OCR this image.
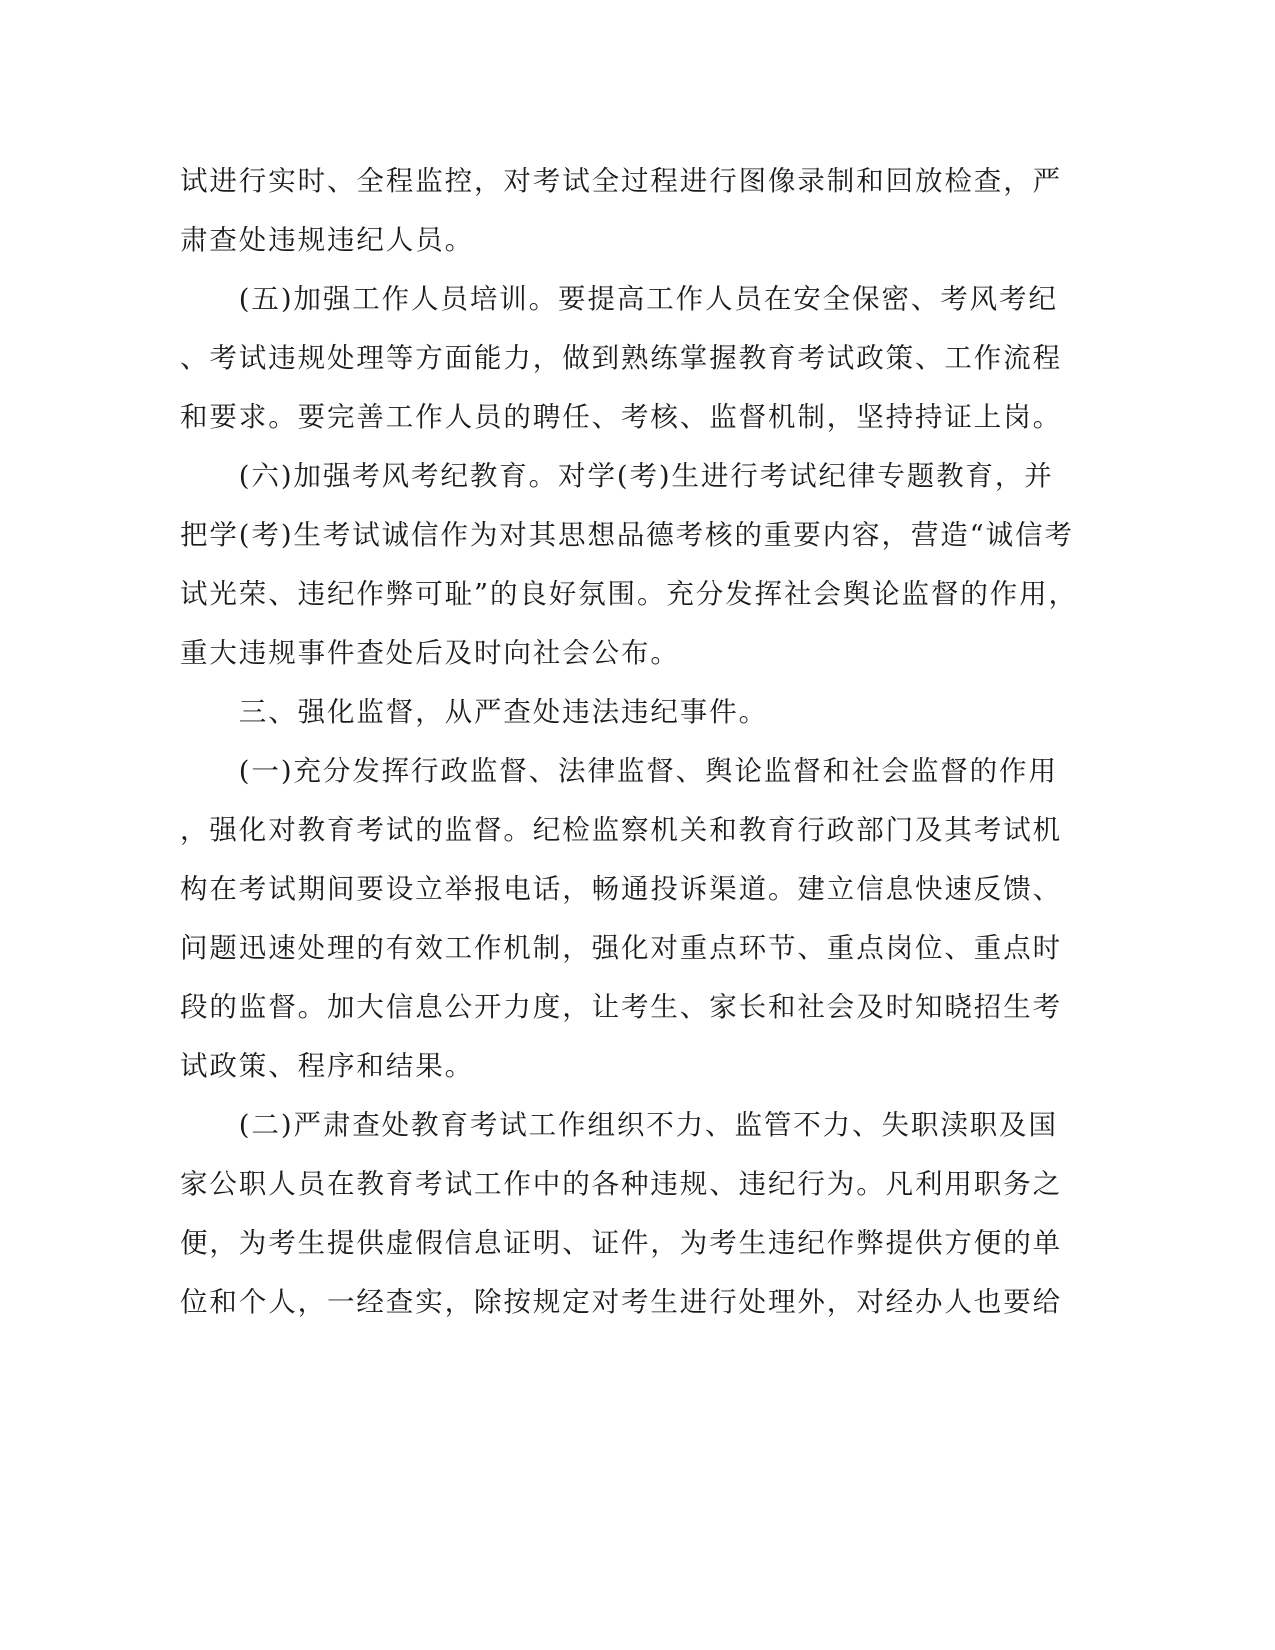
试进行实时、全程监控，对考试全过程进行图像录制和回放检查，严
肃查处违规违纪人员。
　　(五)加强工作人员培训。要提高工作人员在安全保密、考风考纪
、考试违规处理等方面能力，做到熟练掌握教育考试政策、工作流程
和要求。要完善工作人员的聘任、考核、监督机制，坚持持证上岗。
　　(六)加强考风考纪教育。对学(考)生进行考试纪律专题教育，并
把学(考)生考试诚信作为对其思想品德考核的重要内容，营造“诚信考
试光荣、违纪作弊可耻”的良好氛围。充分发挥社会舆论监督的作用，
重大违规事件查处后及时向社会公布。
　　三、强化监督，从严查处违法违纪事件。
　　(一)充分发挥行政监督、法律监督、舆论监督和社会监督的作用
，强化对教育考试的监督。纪检监察机关和教育行政部门及其考试机
构在考试期间要设立举报电话，畅通投诉渠道。建立信息快速反馈、
问题迅速处理的有效工作机制，强化对重点环节、重点岗位、重点时
段的监督。加大信息公开力度，让考生、家长和社会及时知晓招生考
试政策、程序和结果。
　　(二)严肃查处教育考试工作组织不力、监管不力、失职渎职及国
家公职人员在教育考试工作中的各种违规、违纪行为。凡利用职务之
便，为考生提供虚假信息证明、证件，为考生违纪作弊提供方便的单
位和个人，一经查实，除按规定对考生进行处理外，对经办人也要给
